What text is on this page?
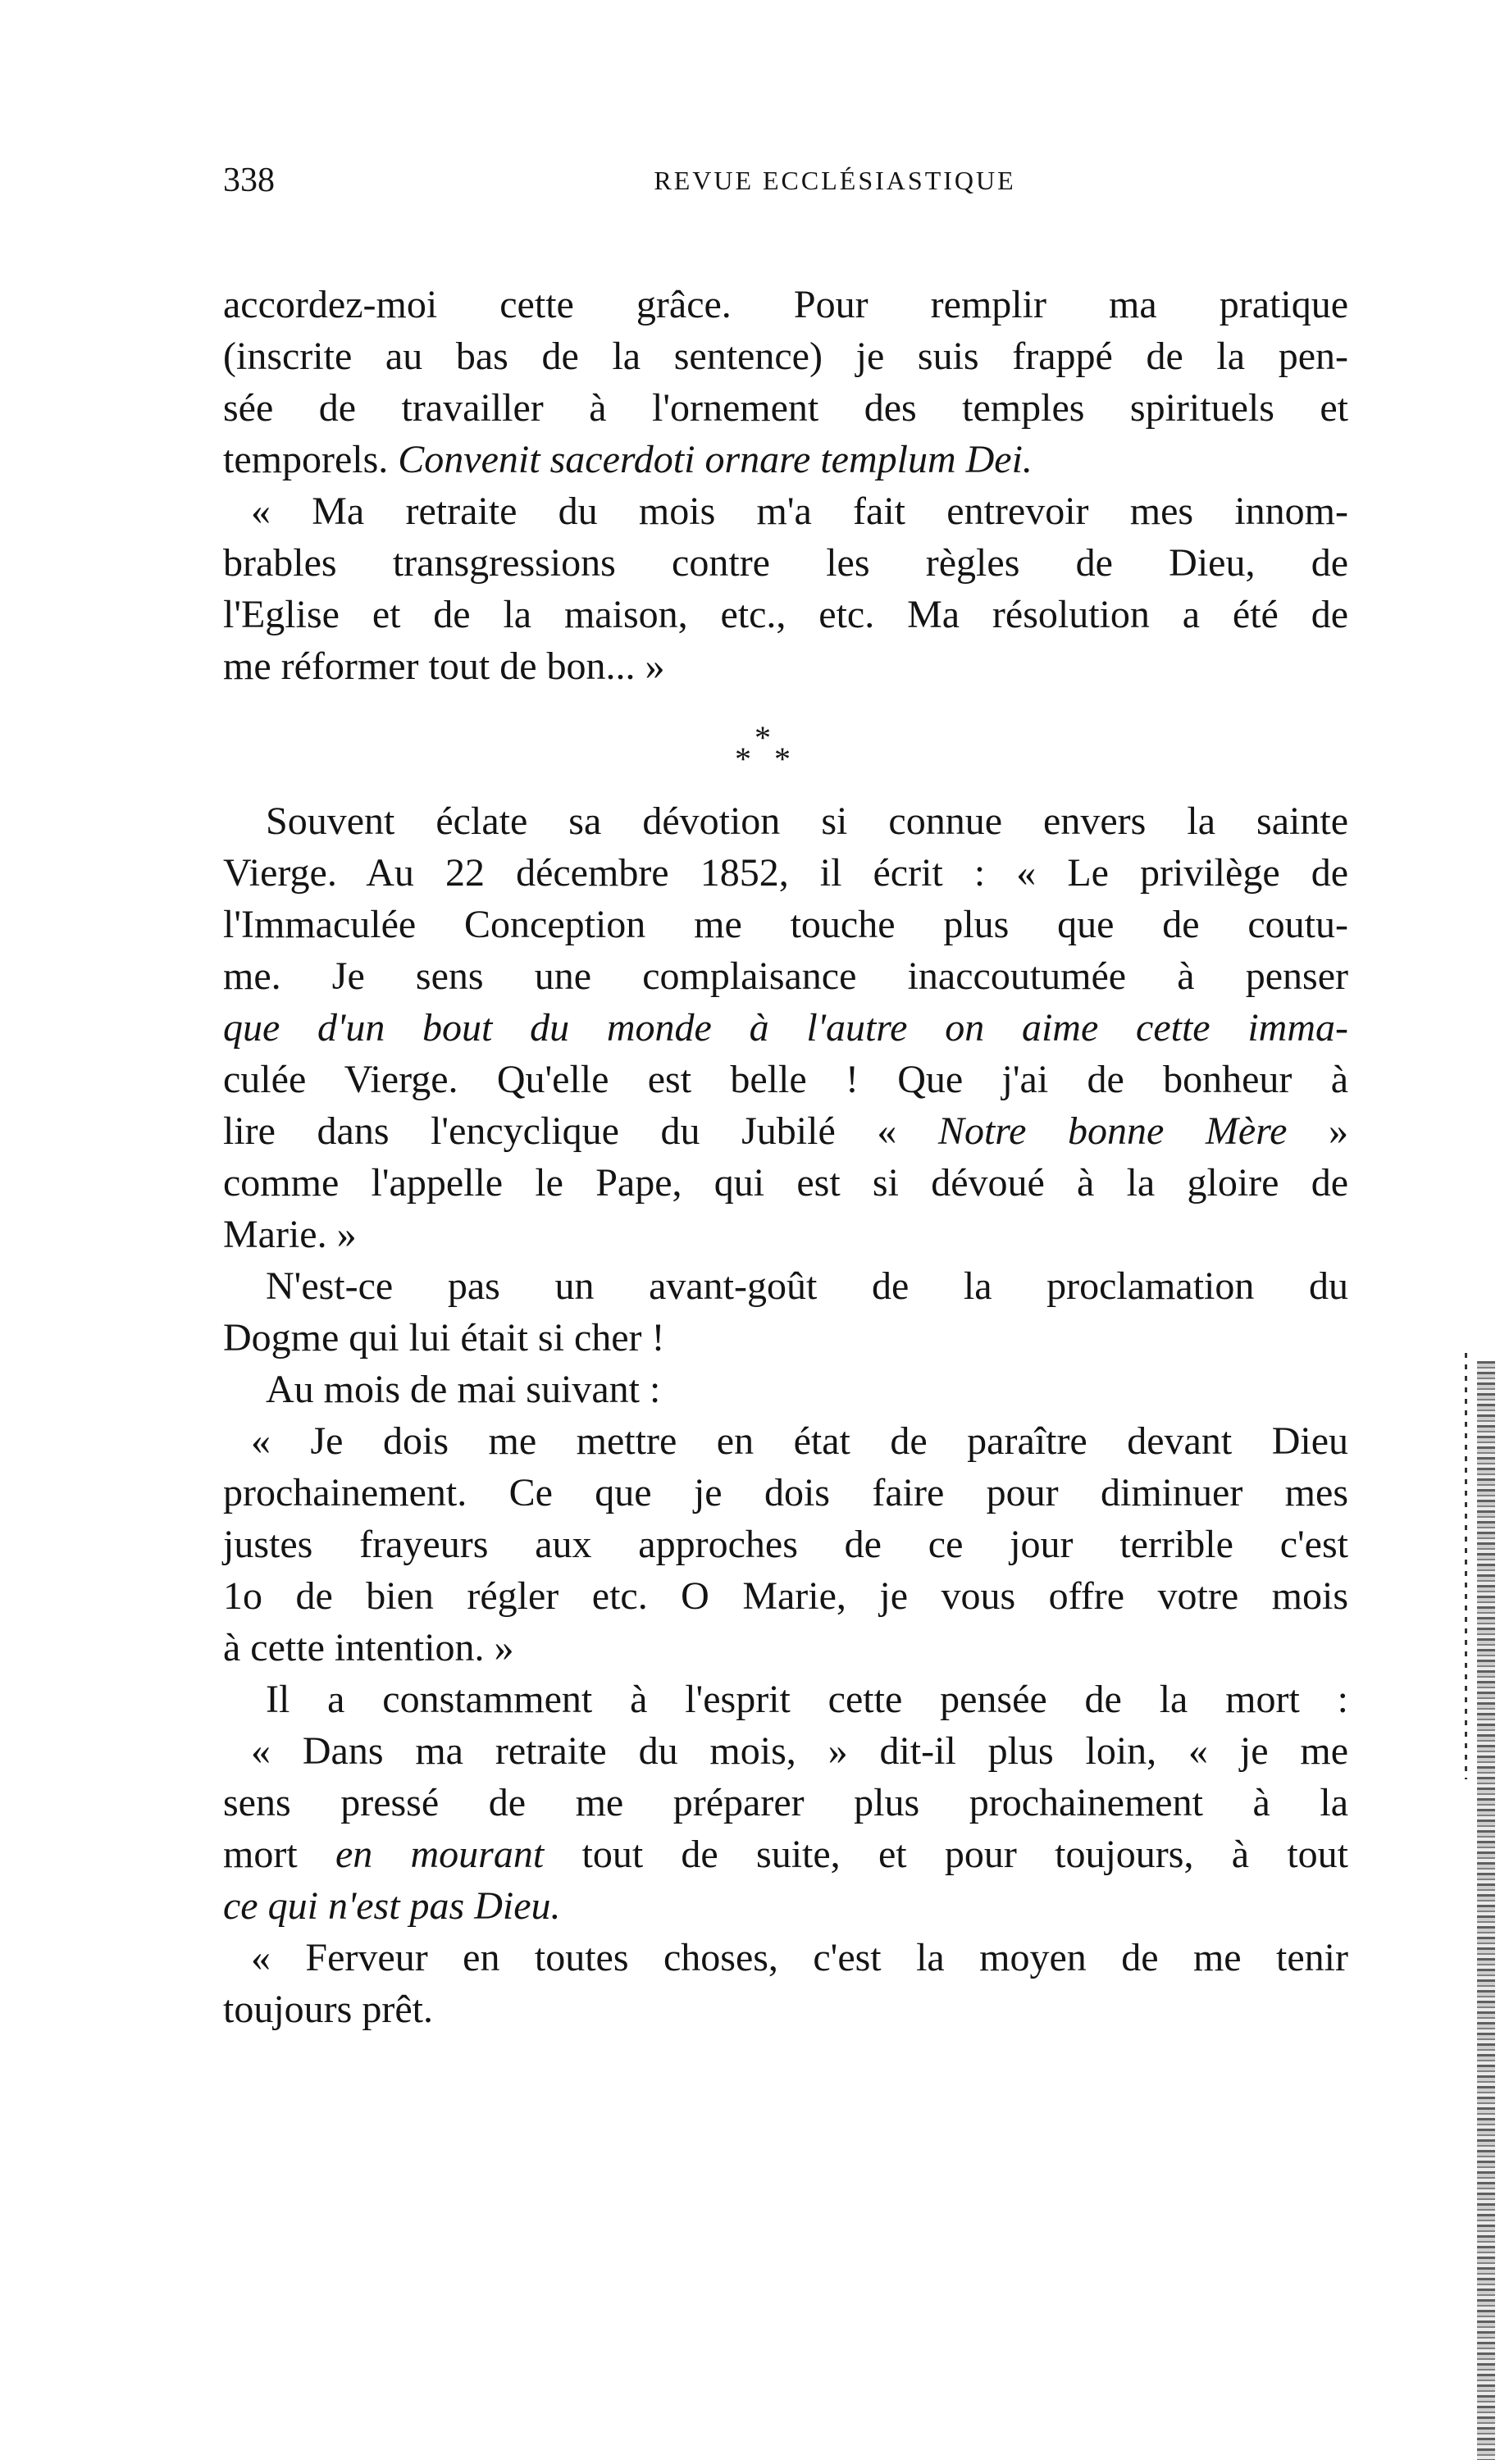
338	REVUE ECCLÉSIASTIQUE
accordez-moi cette grâce. Pour remplir ma pratique
(inscrite au bas de la sentence) je suis frappé de la pen-
sée de travailler à l'ornement des temples spirituels et
temporels. Convenit sacerdoti ornare templum Dei.
« Ma retraite du mois m'a fait entrevoir mes innom-
brables transgressions contre les règles de Dieu, de
l'Eglise et de la maison, etc., etc. Ma résolution a été de
me réformer tout de bon... »
*
* *
Souvent éclate sa dévotion si connue envers la sainte
Vierge. Au 22 décembre 1852, il écrit : « Le privilège de
l'Immaculée Conception me touche plus que de coutu-
me. Je sens une complaisance inaccoutumée à penser
que d'un bout du monde à l'autre on aime cette imma-
culée Vierge. Qu'elle est belle ! Que j'ai de bonheur à
lire dans l'encyclique du Jubilé « Notre bonne Mère »
comme l'appelle le Pape, qui est si dévoué à la gloire de
Marie. »
N'est-ce pas un avant-goût de la proclamation du
Dogme qui lui était si cher !
Au mois de mai suivant :
« Je dois me mettre en état de paraître devant Dieu
prochainement. Ce que je dois faire pour diminuer mes
justes frayeurs aux approches de ce jour terrible c'est
1o de bien régler etc. O Marie, je vous offre votre mois
à cette intention. »
Il a constamment à l'esprit cette pensée de la mort :
« Dans ma retraite du mois, » dit-il plus loin, « je me
sens pressé de me préparer plus prochainement à la
mort en mourant tout de suite, et pour toujours, à tout
ce qui n'est pas Dieu.
« Ferveur en toutes choses, c'est la moyen de me tenir
toujours prêt.
